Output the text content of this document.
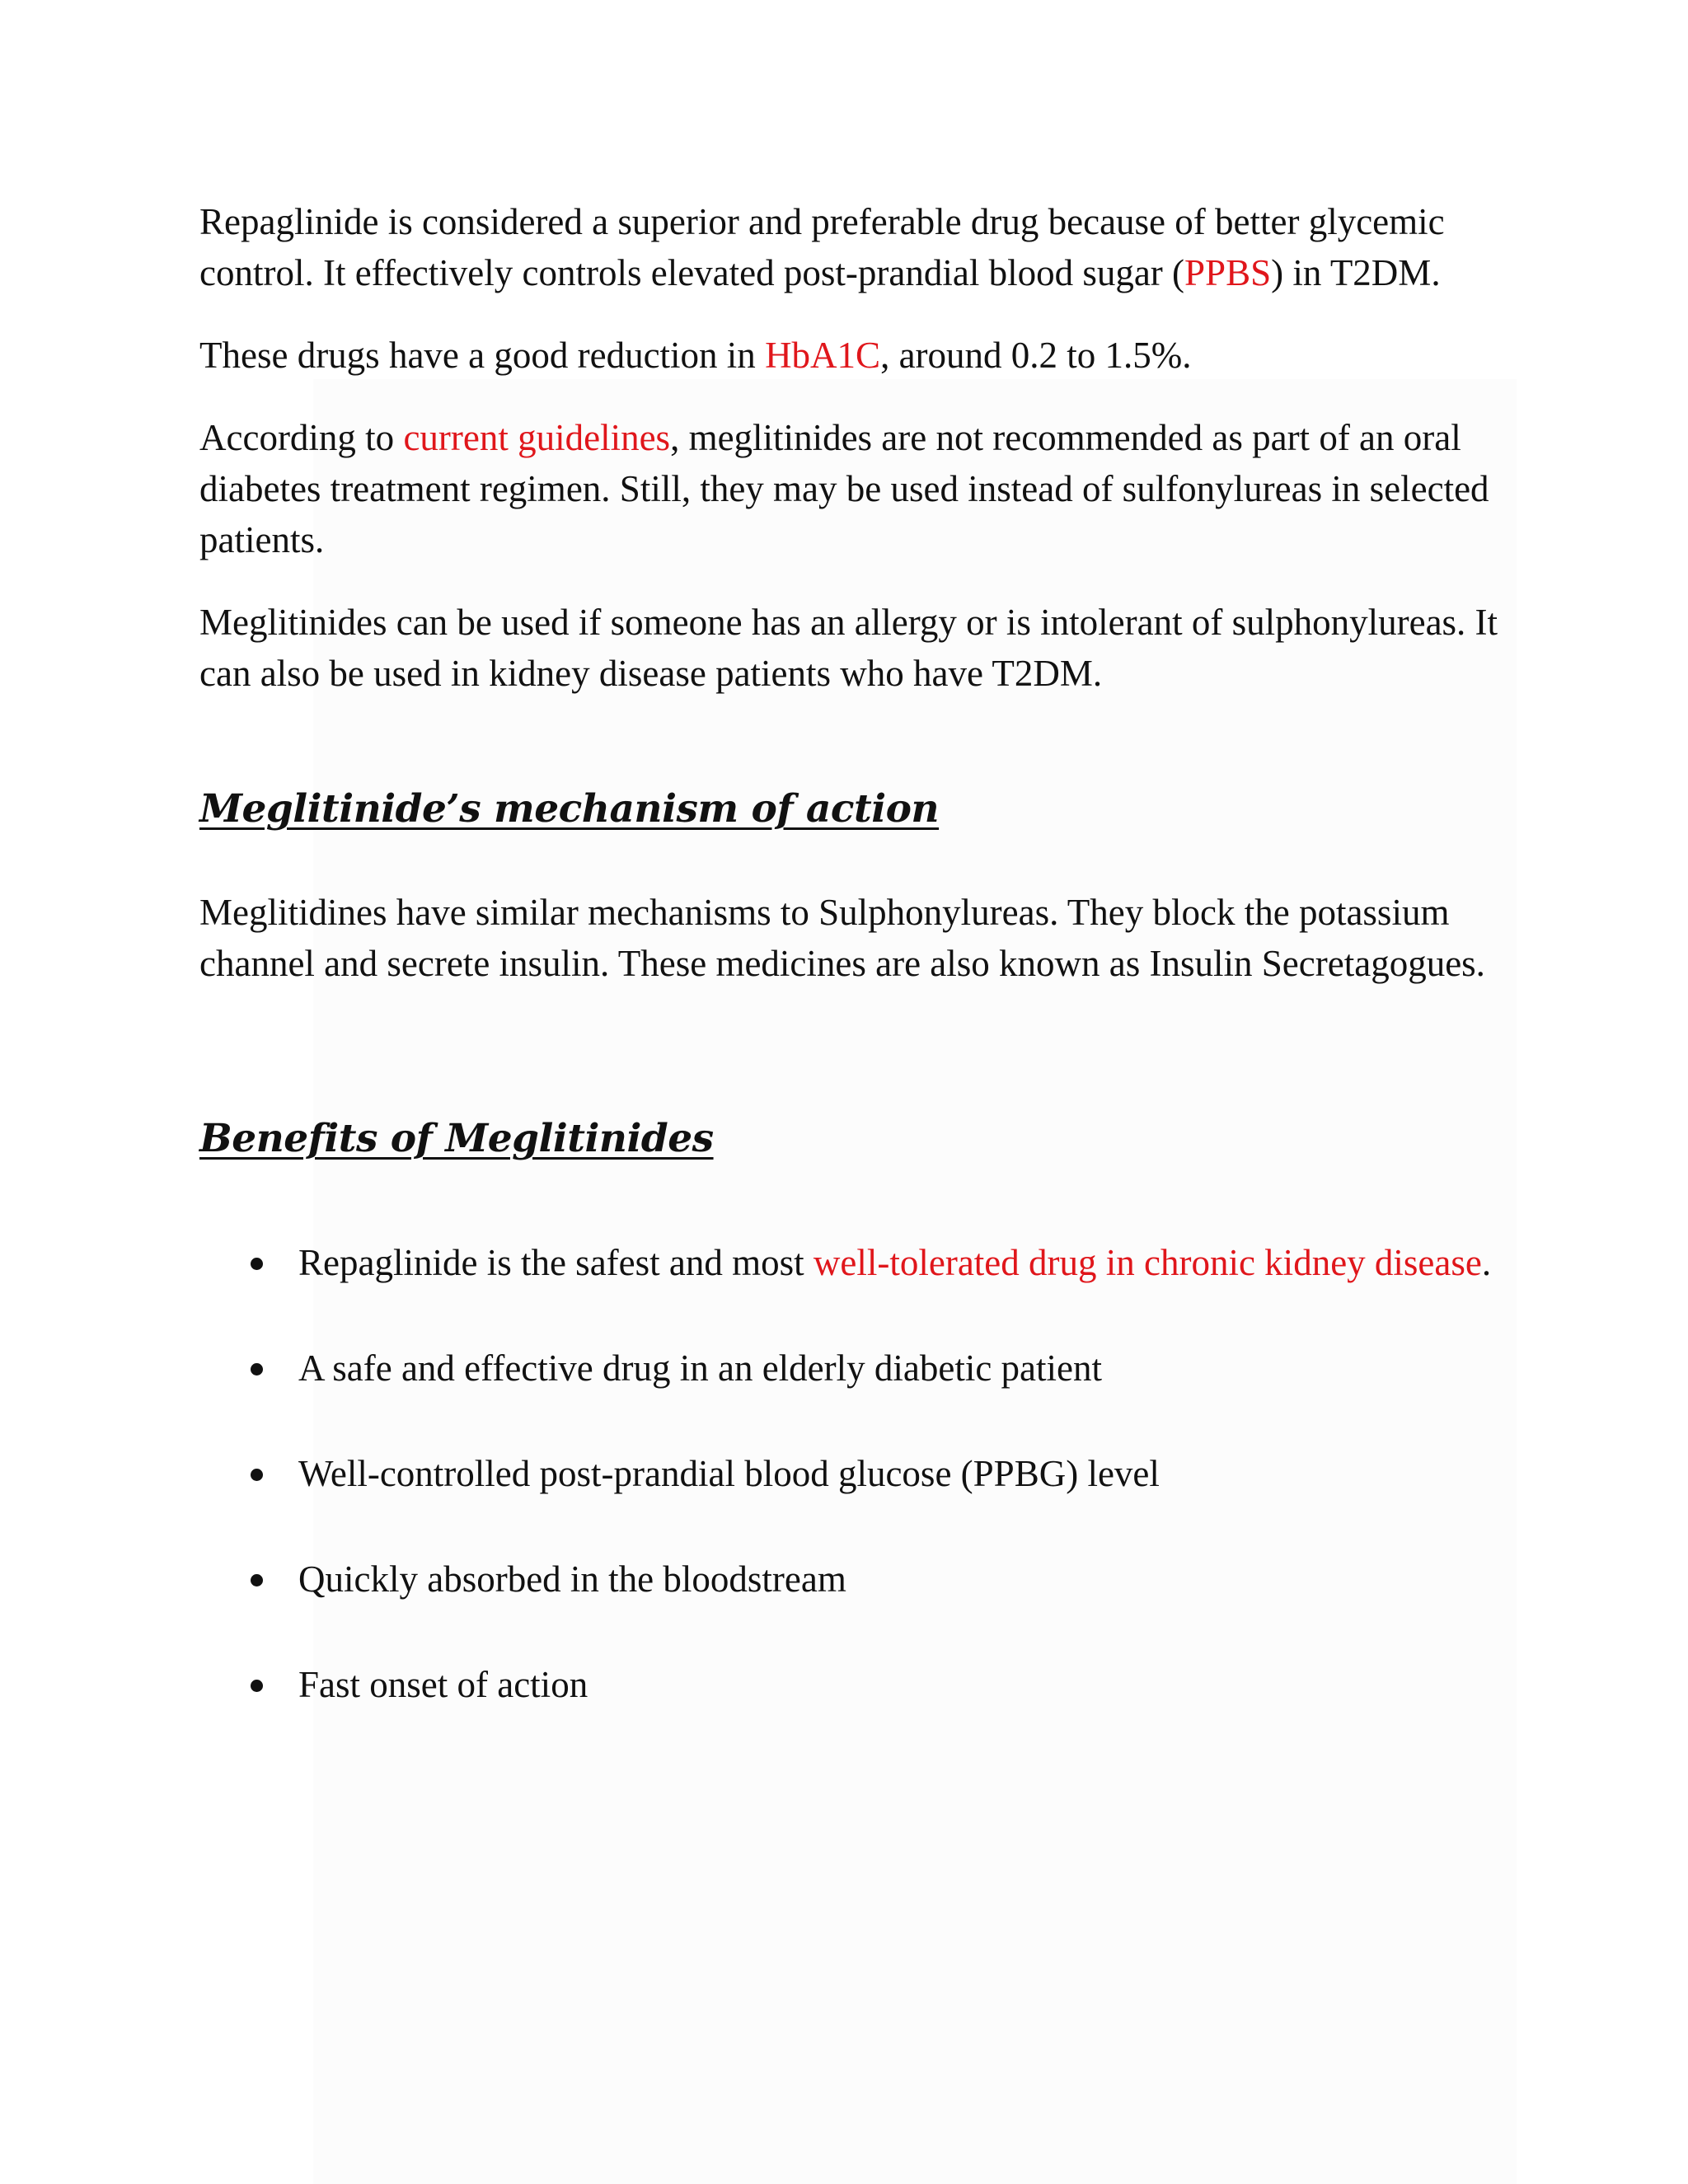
Repaglinide is considered a superior and preferable drug because of better glycemic control. It effectively controls elevated post-prandial blood sugar (PPBS) in T2DM.

These drugs have a good reduction in HbA1C, around 0.2 to 1.5%.

According to current guidelines, meglitinides are not recommended as part of an oral diabetes treatment regimen. Still, they may be used instead of sulfonylureas in selected patients.

Meglitinides can be used if someone has an allergy or is intolerant of sulphonylureas. It can also be used in kidney disease patients who have T2DM.

Meglitinide’s mechanism of action

Meglitidines have similar mechanisms to Sulphonylureas. They block the potassium channel and secrete insulin. These medicines are also known as Insulin Secretagogues.

Benefits of Meglitinides
Repaglinide is the safest and most well-tolerated drug in chronic kidney disease.
A safe and effective drug in an elderly diabetic patient
Well-controlled post-prandial blood glucose (PPBG) level
Quickly absorbed in the bloodstream
Fast onset of action
